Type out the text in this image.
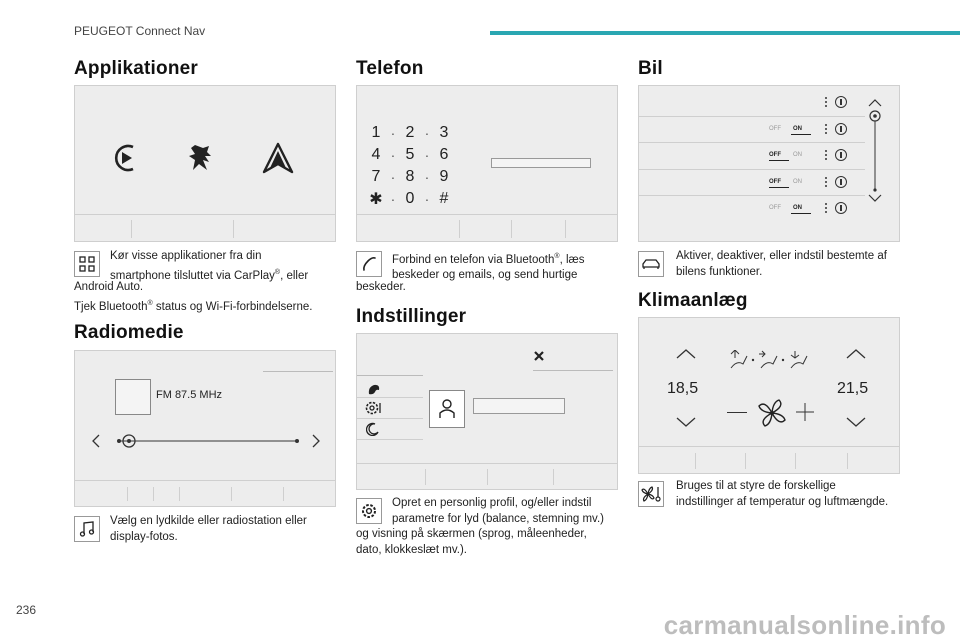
PEUGEOT Connect Nav
Applikationer
Kør visse applikationer fra din
smartphone tilsluttet via CarPlay®, eller
Android Auto.
Tjek Bluetooth® status og Wi-Fi-forbindelserne.
Radiomedie
FM 87.5 MHz
Vælg en lydkilde eller radiostation eller
display-fotos.
Telefon
1 · 2 · 3
4 · 5 · 6
7 · 8 · 9
✱ · 0 · #
Forbind en telefon via Bluetooth®, læs
beskeder og emails, og send hurtige
beskeder.
Indstillinger
Opret en personlig profil, og/eller indstil
parametre for lyd (balance, stemning mv.)
og visning på skærmen (sprog, måleenheder,
dato, klokkeslæt mv.).
Bil
OFF ON
OFF ON
OFF ON
OFF ON
Aktiver, deaktiver, eller indstil bestemte af
bilens funktioner.
Klimaanlæg
18,5	21,5
Bruges til at styre de forskellige
indstillinger af temperatur og luftmængde.
236	carmanualsonline.info
